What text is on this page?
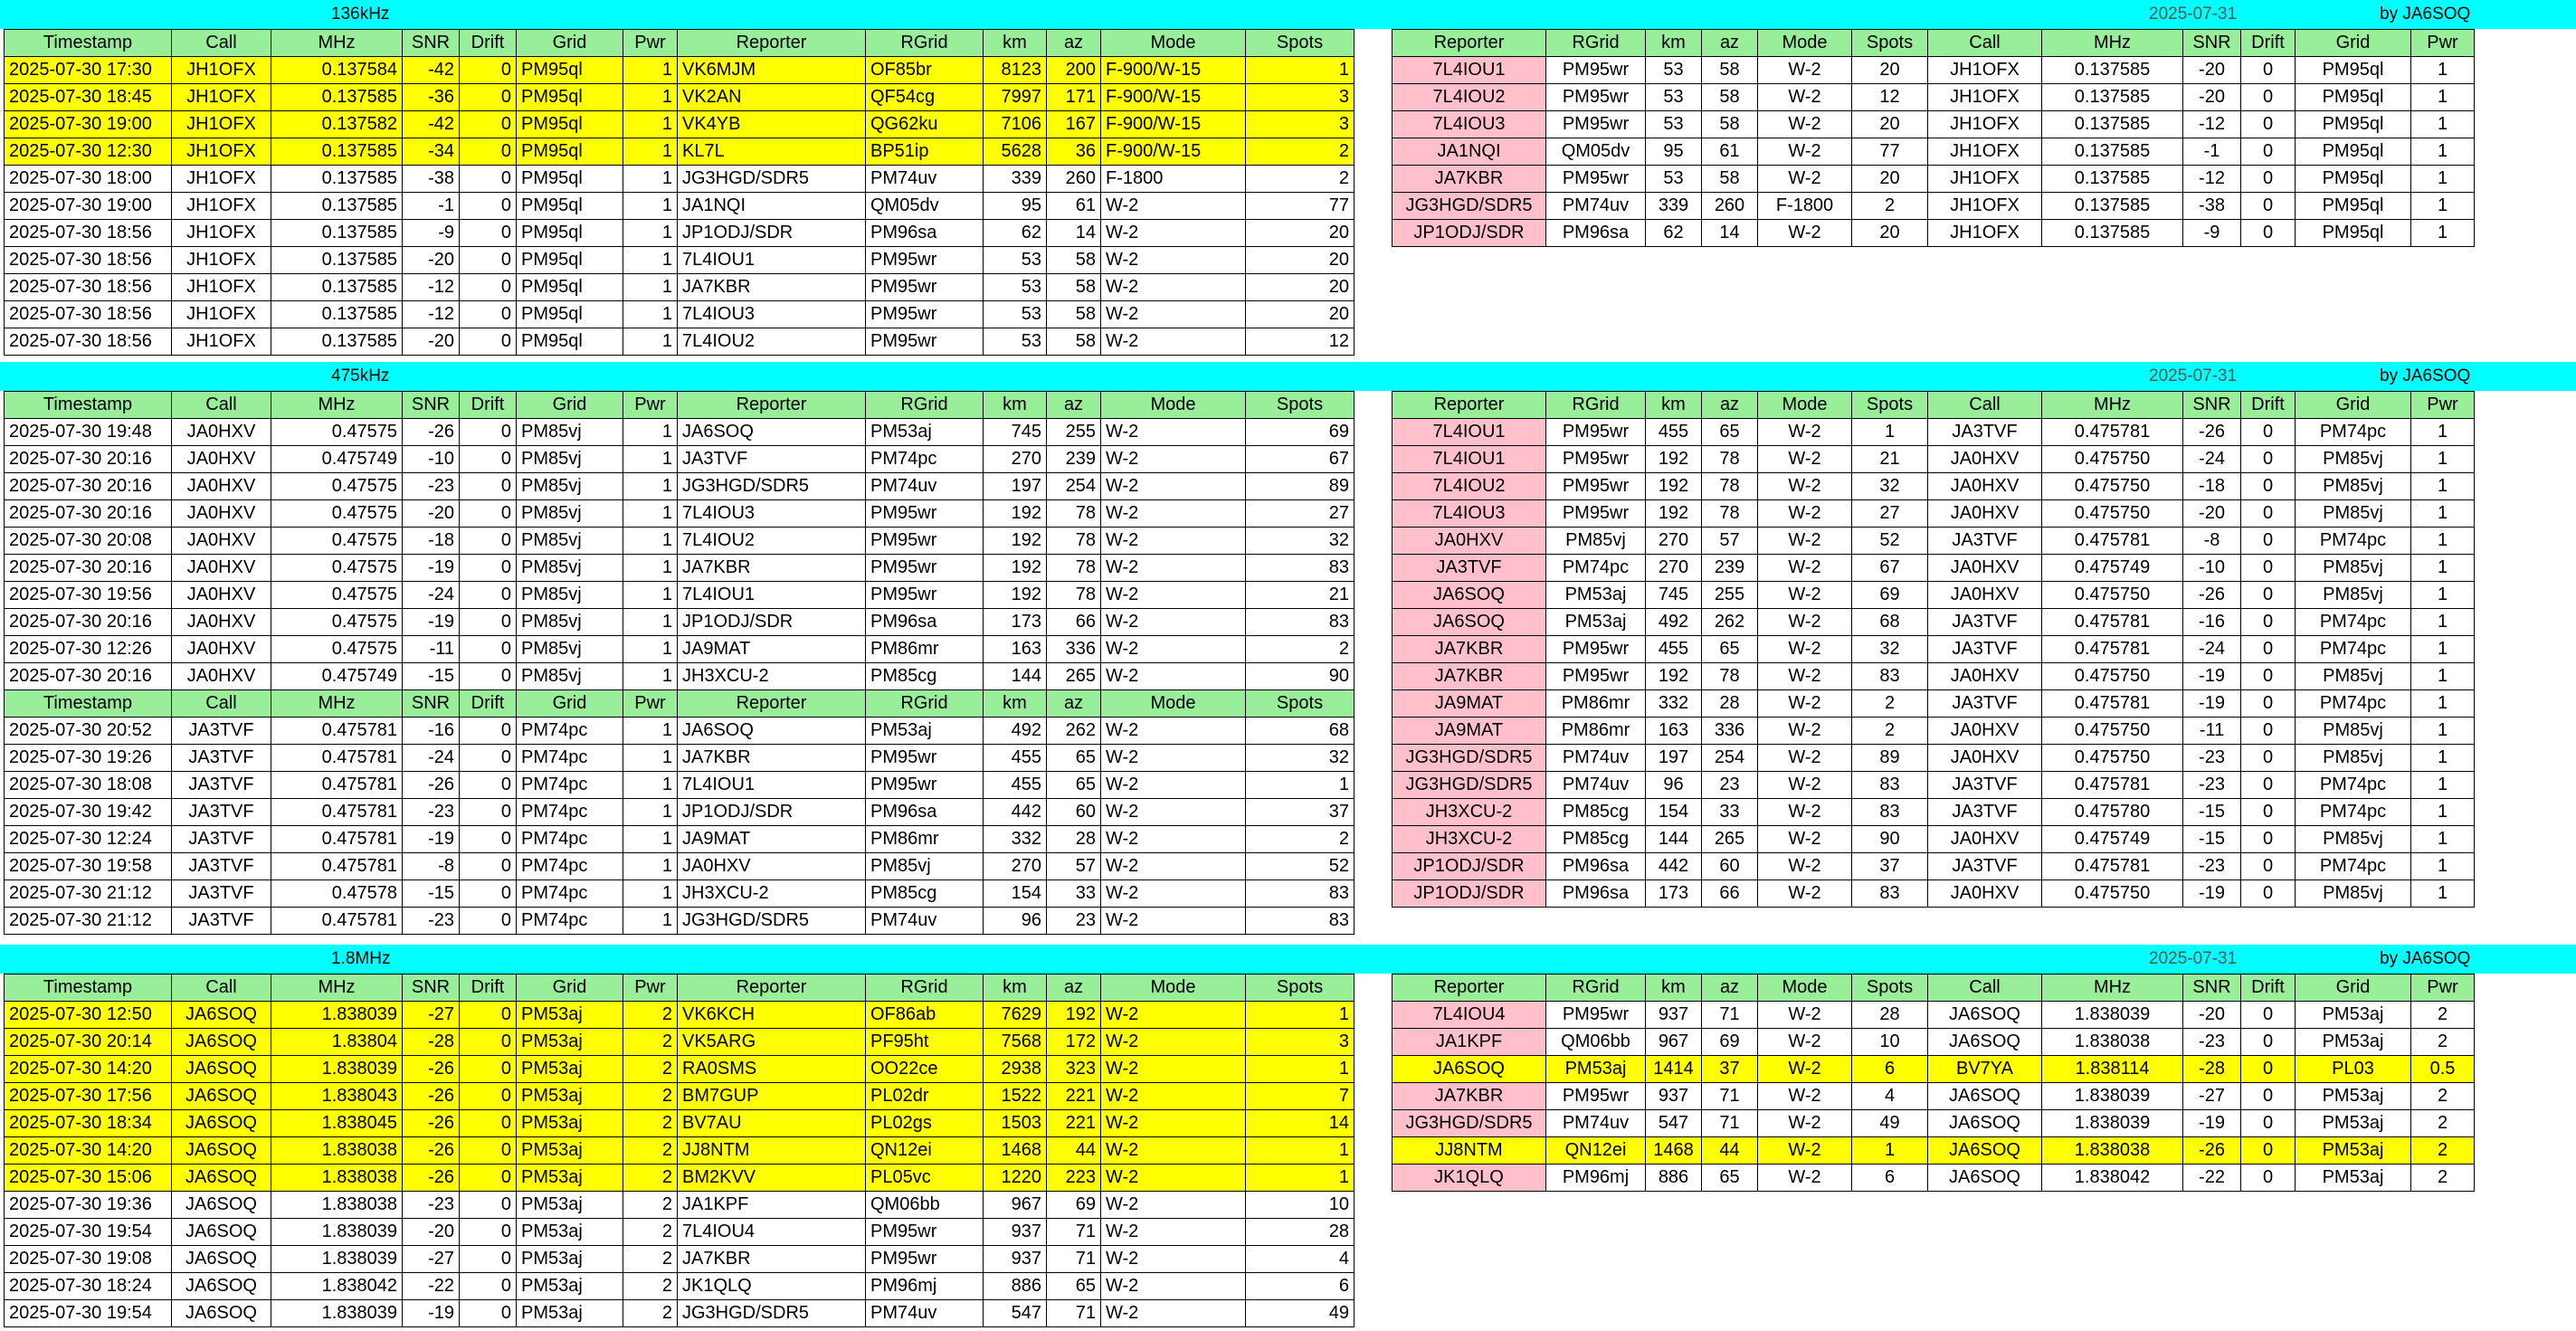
136kHz	2025-07-31	by JA6SOQ
Timestamp	Call	MHz	SNR	Drift	Grid	Pwr	Reporter	RGrid	km	az	Mode	Spots
2025-07-30 17:30	JH1OFX	0.137584	-42	0	PM95ql	1	VK6MJM	OF85br	8123	200	F-900/W-15	1
2025-07-30 18:45	JH1OFX	0.137585	-36	0	PM95ql	1	VK2AN	QF54cg	7997	171	F-900/W-15	3
2025-07-30 19:00	JH1OFX	0.137582	-42	0	PM95ql	1	VK4YB	QG62ku	7106	167	F-900/W-15	3
2025-07-30 12:30	JH1OFX	0.137585	-34	0	PM95ql	1	KL7L	BP51ip	5628	36	F-900/W-15	2
2025-07-30 18:00	JH1OFX	0.137585	-38	0	PM95ql	1	JG3HGD/SDR5	PM74uv	339	260	F-1800	2
2025-07-30 19:00	JH1OFX	0.137585	-1	0	PM95ql	1	JA1NQI	QM05dv	95	61	W-2	77
2025-07-30 18:56	JH1OFX	0.137585	-9	0	PM95ql	1	JP1ODJ/SDR	PM96sa	62	14	W-2	20
2025-07-30 18:56	JH1OFX	0.137585	-20	0	PM95ql	1	7L4IOU1	PM95wr	53	58	W-2	20
2025-07-30 18:56	JH1OFX	0.137585	-12	0	PM95ql	1	JA7KBR	PM95wr	53	58	W-2	20
2025-07-30 18:56	JH1OFX	0.137585	-12	0	PM95ql	1	7L4IOU3	PM95wr	53	58	W-2	20
2025-07-30 18:56	JH1OFX	0.137585	-20	0	PM95ql	1	7L4IOU2	PM95wr	53	58	W-2	12
Reporter	RGrid	km	az	Mode	Spots	Call	MHz	SNR	Drift	Grid	Pwr
7L4IOU1	PM95wr	53	58	W-2	20	JH1OFX	0.137585	-20	0	PM95ql	1
7L4IOU2	PM95wr	53	58	W-2	12	JH1OFX	0.137585	-20	0	PM95ql	1
7L4IOU3	PM95wr	53	58	W-2	20	JH1OFX	0.137585	-12	0	PM95ql	1
JA1NQI	QM05dv	95	61	W-2	77	JH1OFX	0.137585	-1	0	PM95ql	1
JA7KBR	PM95wr	53	58	W-2	20	JH1OFX	0.137585	-12	0	PM95ql	1
JG3HGD/SDR5	PM74uv	339	260	F-1800	2	JH1OFX	0.137585	-38	0	PM95ql	1
JP1ODJ/SDR	PM96sa	62	14	W-2	20	JH1OFX	0.137585	-9	0	PM95ql	1
475kHz	2025-07-31	by JA6SOQ
Timestamp	Call	MHz	SNR	Drift	Grid	Pwr	Reporter	RGrid	km	az	Mode	Spots
2025-07-30 19:48	JA0HXV	0.47575	-26	0	PM85vj	1	JA6SOQ	PM53aj	745	255	W-2	69
2025-07-30 20:16	JA0HXV	0.475749	-10	0	PM85vj	1	JA3TVF	PM74pc	270	239	W-2	67
2025-07-30 20:16	JA0HXV	0.47575	-23	0	PM85vj	1	JG3HGD/SDR5	PM74uv	197	254	W-2	89
2025-07-30 20:16	JA0HXV	0.47575	-20	0	PM85vj	1	7L4IOU3	PM95wr	192	78	W-2	27
2025-07-30 20:08	JA0HXV	0.47575	-18	0	PM85vj	1	7L4IOU2	PM95wr	192	78	W-2	32
2025-07-30 20:16	JA0HXV	0.47575	-19	0	PM85vj	1	JA7KBR	PM95wr	192	78	W-2	83
2025-07-30 19:56	JA0HXV	0.47575	-24	0	PM85vj	1	7L4IOU1	PM95wr	192	78	W-2	21
2025-07-30 20:16	JA0HXV	0.47575	-19	0	PM85vj	1	JP1ODJ/SDR	PM96sa	173	66	W-2	83
2025-07-30 12:26	JA0HXV	0.47575	-11	0	PM85vj	1	JA9MAT	PM86mr	163	336	W-2	2
2025-07-30 20:16	JA0HXV	0.475749	-15	0	PM85vj	1	JH3XCU-2	PM85cg	144	265	W-2	90
Timestamp	Call	MHz	SNR	Drift	Grid	Pwr	Reporter	RGrid	km	az	Mode	Spots
2025-07-30 20:52	JA3TVF	0.475781	-16	0	PM74pc	1	JA6SOQ	PM53aj	492	262	W-2	68
2025-07-30 19:26	JA3TVF	0.475781	-24	0	PM74pc	1	JA7KBR	PM95wr	455	65	W-2	32
2025-07-30 18:08	JA3TVF	0.475781	-26	0	PM74pc	1	7L4IOU1	PM95wr	455	65	W-2	1
2025-07-30 19:42	JA3TVF	0.475781	-23	0	PM74pc	1	JP1ODJ/SDR	PM96sa	442	60	W-2	37
2025-07-30 12:24	JA3TVF	0.475781	-19	0	PM74pc	1	JA9MAT	PM86mr	332	28	W-2	2
2025-07-30 19:58	JA3TVF	0.475781	-8	0	PM74pc	1	JA0HXV	PM85vj	270	57	W-2	52
2025-07-30 21:12	JA3TVF	0.47578	-15	0	PM74pc	1	JH3XCU-2	PM85cg	154	33	W-2	83
2025-07-30 21:12	JA3TVF	0.475781	-23	0	PM74pc	1	JG3HGD/SDR5	PM74uv	96	23	W-2	83
Reporter	RGrid	km	az	Mode	Spots	Call	MHz	SNR	Drift	Grid	Pwr
7L4IOU1	PM95wr	455	65	W-2	1	JA3TVF	0.475781	-26	0	PM74pc	1
7L4IOU1	PM95wr	192	78	W-2	21	JA0HXV	0.475750	-24	0	PM85vj	1
7L4IOU2	PM95wr	192	78	W-2	32	JA0HXV	0.475750	-18	0	PM85vj	1
7L4IOU3	PM95wr	192	78	W-2	27	JA0HXV	0.475750	-20	0	PM85vj	1
JA0HXV	PM85vj	270	57	W-2	52	JA3TVF	0.475781	-8	0	PM74pc	1
JA3TVF	PM74pc	270	239	W-2	67	JA0HXV	0.475749	-10	0	PM85vj	1
JA6SOQ	PM53aj	745	255	W-2	69	JA0HXV	0.475750	-26	0	PM85vj	1
JA6SOQ	PM53aj	492	262	W-2	68	JA3TVF	0.475781	-16	0	PM74pc	1
JA7KBR	PM95wr	455	65	W-2	32	JA3TVF	0.475781	-24	0	PM74pc	1
JA7KBR	PM95wr	192	78	W-2	83	JA0HXV	0.475750	-19	0	PM85vj	1
JA9MAT	PM86mr	332	28	W-2	2	JA3TVF	0.475781	-19	0	PM74pc	1
JA9MAT	PM86mr	163	336	W-2	2	JA0HXV	0.475750	-11	0	PM85vj	1
JG3HGD/SDR5	PM74uv	197	254	W-2	89	JA0HXV	0.475750	-23	0	PM85vj	1
JG3HGD/SDR5	PM74uv	96	23	W-2	83	JA3TVF	0.475781	-23	0	PM74pc	1
JH3XCU-2	PM85cg	154	33	W-2	83	JA3TVF	0.475780	-15	0	PM74pc	1
JH3XCU-2	PM85cg	144	265	W-2	90	JA0HXV	0.475749	-15	0	PM85vj	1
JP1ODJ/SDR	PM96sa	442	60	W-2	37	JA3TVF	0.475781	-23	0	PM74pc	1
JP1ODJ/SDR	PM96sa	173	66	W-2	83	JA0HXV	0.475750	-19	0	PM85vj	1
1.8MHz	2025-07-31	by JA6SOQ
Timestamp	Call	MHz	SNR	Drift	Grid	Pwr	Reporter	RGrid	km	az	Mode	Spots
2025-07-30 12:50	JA6SOQ	1.838039	-27	0	PM53aj	2	VK6KCH	OF86ab	7629	192	W-2	1
2025-07-30 20:14	JA6SOQ	1.83804	-28	0	PM53aj	2	VK5ARG	PF95ht	7568	172	W-2	3
2025-07-30 14:20	JA6SOQ	1.838039	-26	0	PM53aj	2	RA0SMS	OO22ce	2938	323	W-2	1
2025-07-30 17:56	JA6SOQ	1.838043	-26	0	PM53aj	2	BM7GUP	PL02dr	1522	221	W-2	7
2025-07-30 18:34	JA6SOQ	1.838045	-26	0	PM53aj	2	BV7AU	PL02gs	1503	221	W-2	14
2025-07-30 14:20	JA6SOQ	1.838038	-26	0	PM53aj	2	JJ8NTM	QN12ei	1468	44	W-2	1
2025-07-30 15:06	JA6SOQ	1.838038	-26	0	PM53aj	2	BM2KVV	PL05vc	1220	223	W-2	1
2025-07-30 19:36	JA6SOQ	1.838038	-23	0	PM53aj	2	JA1KPF	QM06bb	967	69	W-2	10
2025-07-30 19:54	JA6SOQ	1.838039	-20	0	PM53aj	2	7L4IOU4	PM95wr	937	71	W-2	28
2025-07-30 19:08	JA6SOQ	1.838039	-27	0	PM53aj	2	JA7KBR	PM95wr	937	71	W-2	4
2025-07-30 18:24	JA6SOQ	1.838042	-22	0	PM53aj	2	JK1QLQ	PM96mj	886	65	W-2	6
2025-07-30 19:54	JA6SOQ	1.838039	-19	0	PM53aj	2	JG3HGD/SDR5	PM74uv	547	71	W-2	49
Reporter	RGrid	km	az	Mode	Spots	Call	MHz	SNR	Drift	Grid	Pwr
7L4IOU4	PM95wr	937	71	W-2	28	JA6SOQ	1.838039	-20	0	PM53aj	2
JA1KPF	QM06bb	967	69	W-2	10	JA6SOQ	1.838038	-23	0	PM53aj	2
JA6SOQ	PM53aj	1414	37	W-2	6	BV7YA	1.838114	-28	0	PL03	0.5
JA7KBR	PM95wr	937	71	W-2	4	JA6SOQ	1.838039	-27	0	PM53aj	2
JG3HGD/SDR5	PM74uv	547	71	W-2	49	JA6SOQ	1.838039	-19	0	PM53aj	2
JJ8NTM	QN12ei	1468	44	W-2	1	JA6SOQ	1.838038	-26	0	PM53aj	2
JK1QLQ	PM96mj	886	65	W-2	6	JA6SOQ	1.838042	-22	0	PM53aj	2
